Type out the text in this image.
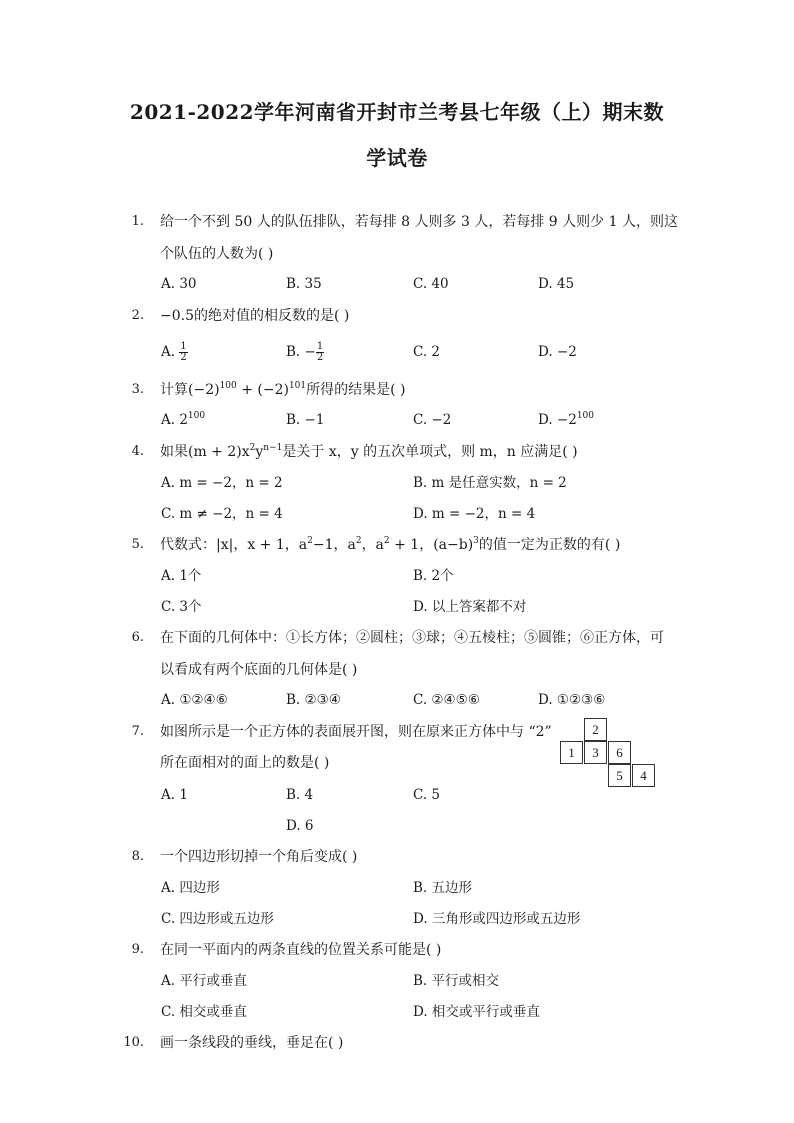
2021-2022学年河南省开封市兰考县七年级（上）期末数
学试卷
1. 给一个不到 50 人的队伍排队，若每排 8 人则多 3 人，若每排 9 人则少 1 人，则这
个队伍的人数为( )
A. 30	B. 35	C. 40	D. 45
2. −0.5的绝对值的相反数的是( )
A. $\frac{1}{2}$	B. − $\frac{1}{2}$	C. 2	D. −2
3. 计算$(-2)^{100} + (-2)^{101}$所得的结果是( )
A. $2^{100}$	B. −1	C. −2	D. $-2^{100}$
4. 如果$(m + 2)x^2y^{n-1}$是关于 x，y 的五次单项式，则 m，n 应满足( )
A. m = −2，n = 2	B. m 是任意实数，n = 2
C. m ≠ −2，n = 4	D. m = −2，n = 4
5. 代数式：|x|，x + 1，$a^2-1$，$a^2$，$a^2 + 1$，$(a-b)^3$的值一定为正数的有( )
A. 1个	B. 2个
C. 3个	D. 以上答案都不对
6. 在下面的几何体中：①长方体；②圆柱；③球；④五棱柱；⑤圆锥；⑥正方体，可
以看成有两个底面的几何体是( )
A. ①②④⑥	B. ②③④	C. ②④⑤⑥	D. ①②③⑥
7. 如图所示是一个正方体的表面展开图，则在原来正方体中与 “2”
所在面相对的面上的数是( )
A. 1	B. 4	C. 5
D. 6
2
1	3	6
5	4
8. 一个四边形切掉一个角后变成( )
A. 四边形	B. 五边形
C. 四边形或五边形	D. 三角形或四边形或五边形
9. 在同一平面内的两条直线的位置关系可能是( )
A. 平行或垂直	B. 平行或相交
C. 相交或垂直	D. 相交或平行或垂直
10. 画一条线段的垂线，垂足在( )
